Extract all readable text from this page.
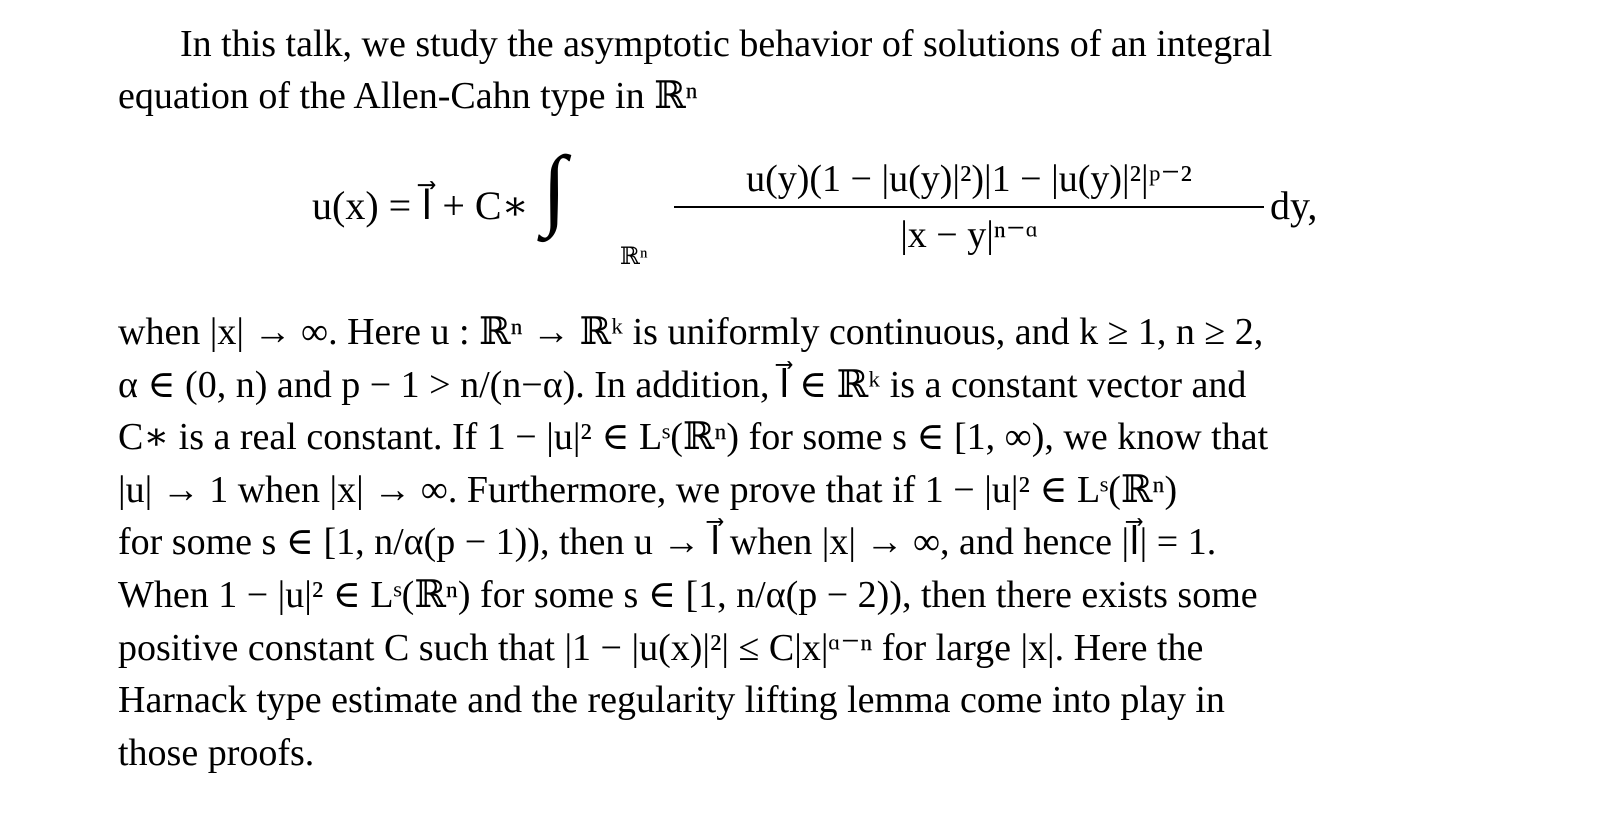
In this talk, we study the asymptotic behavior of solutions of an integral
equation of the Allen-Cahn type in ℝⁿ
u(x) = l⃗ + C∗ ∫
ℝⁿ
u(y)(1 − |u(y)|²)|1 − |u(y)|²|ᵖ⁻²
|x − y|ⁿ⁻ᵅ
dy,
when |x| → ∞. Here u : ℝⁿ → ℝᵏ is uniformly continuous, and k ≥ 1, n ≥ 2,
α ∈ (0, n) and p − 1 > n/(n−α). In addition, l⃗ ∈ ℝᵏ is a constant vector and
C∗ is a real constant. If 1 − |u|² ∈ Lˢ(ℝⁿ) for some s ∈ [1, ∞), we know that
|u| → 1 when |x| → ∞. Furthermore, we prove that if 1 − |u|² ∈ Lˢ(ℝⁿ)
for some s ∈ [1, n/α(p − 1)), then u → l⃗ when |x| → ∞, and hence |l⃗| = 1.
When 1 − |u|² ∈ Lˢ(ℝⁿ) for some s ∈ [1, n/α(p − 2)), then there exists some
positive constant C such that |1 − |u(x)|²| ≤ C|x|ᵅ⁻ⁿ for large |x|. Here the
Harnack type estimate and the regularity lifting lemma come into play in
those proofs.
